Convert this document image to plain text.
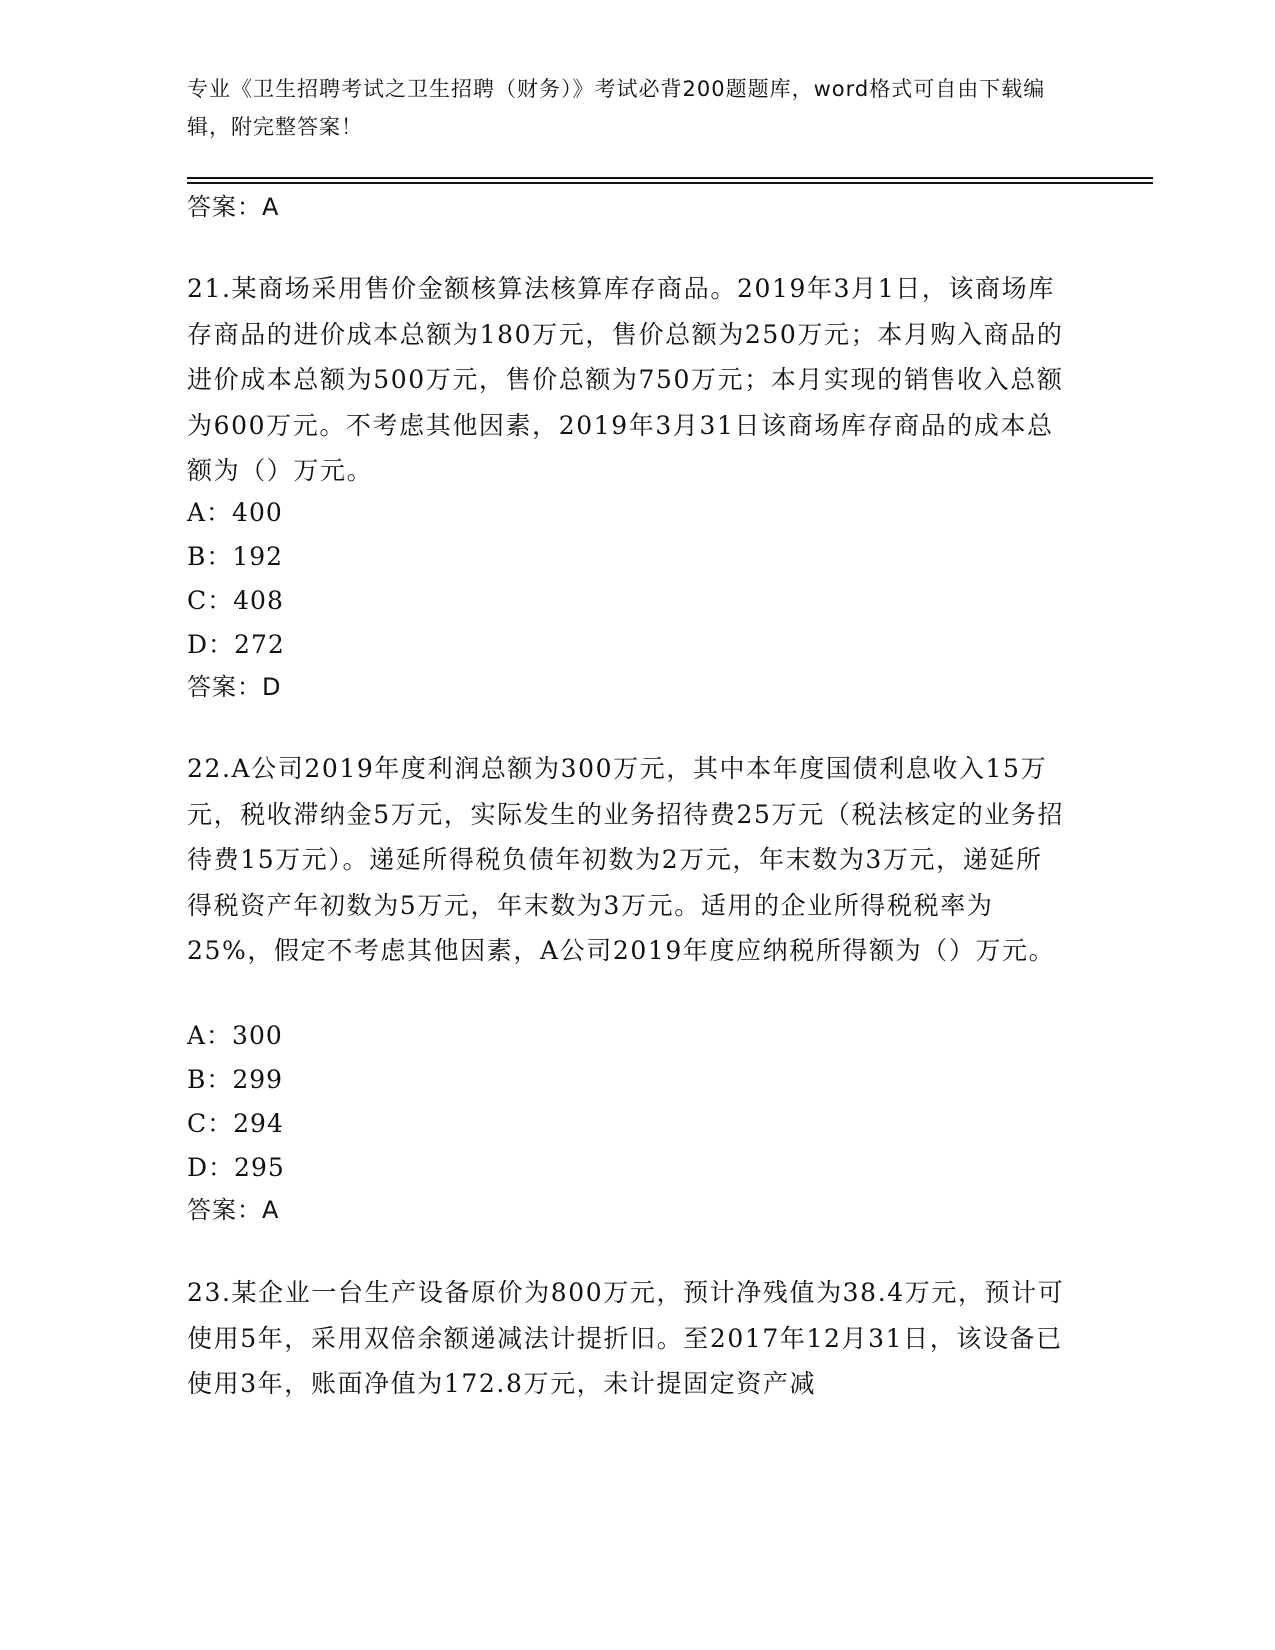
专业《卫生招聘考试之卫生招聘（财务）》考试必背200题题库，word格式可自由下载编辑，附完整答案！
答案：A
21.某商场采用售价金额核算法核算库存商品。2019年3月1日，该商场库存商品的进价成本总额为180万元，售价总额为250万元；本月购入商品的进价成本总额为500万元，售价总额为750万元；本月实现的销售收入总额为600万元。不考虑其他因素，2019年3月31日该商场库存商品的成本总额为（）万元。
A：400
B：192
C：408
D：272
答案：D
22.A公司2019年度利润总额为300万元，其中本年度国债利息收入15万元，税收滞纳金5万元，实际发生的业务招待费25万元（税法核定的业务招待费15万元）。递延所得税负债年初数为2万元，年末数为3万元，递延所得税资产年初数为5万元，年末数为3万元。适用的企业所得税税率为25%，假定不考虑其他因素，A公司2019年度应纳税所得额为（）万元。
A：300
B：299
C：294
D：295
答案：A
23.某企业一台生产设备原价为800万元，预计净残值为38.4万元，预计可使用5年，采用双倍余额递减法计提折旧。至2017年12月31日，该设备已使用3年，账面净值为172.8万元，未计提固定资产减
